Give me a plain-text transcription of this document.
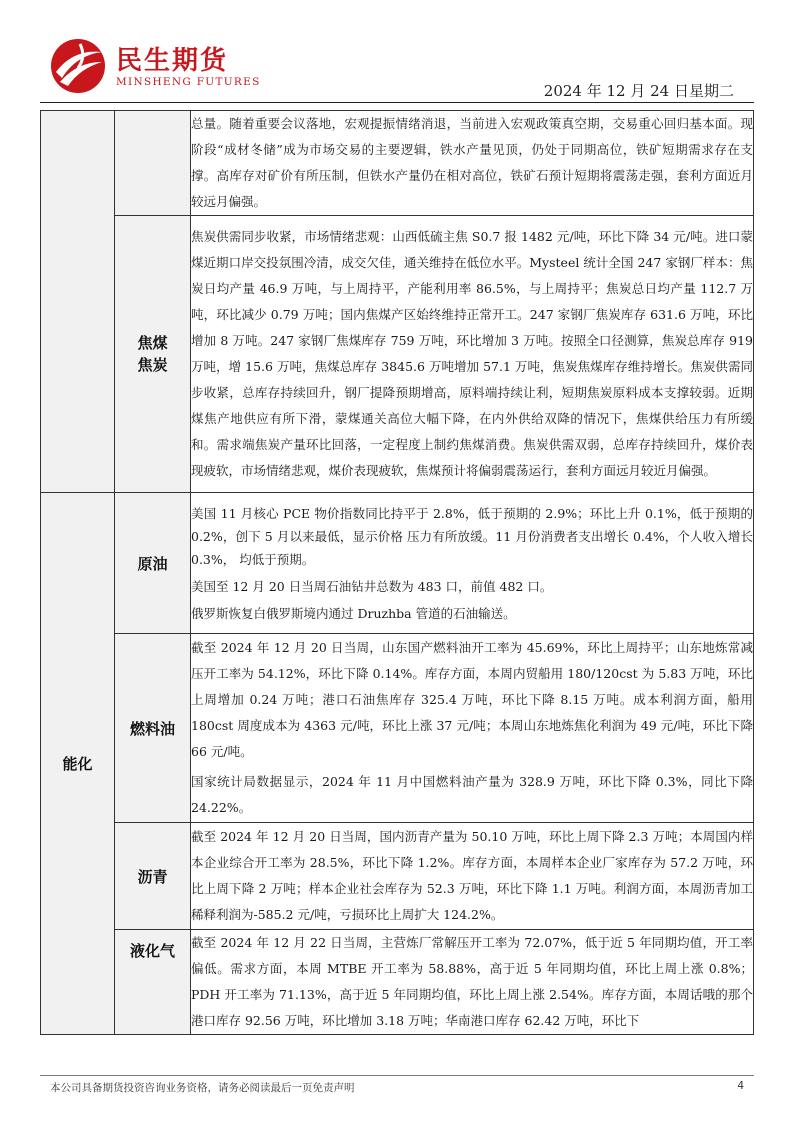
民生期货
MINSHENG FUTURES	2024 年 12 月 24 日星期二

		总量。随着重要会议落地，宏观提振情绪消退，当前进入宏观政策真空期，交易重心回归基本面。现阶段“成材冬储”成为市场交易的主要逻辑，铁水产量见顶，仍处于同期高位，铁矿短期需求存在支撑。高库存对矿价有所压制，但铁水产量仍在相对高位，铁矿石预计短期将震荡走强，套利方面近月较远月偏强。

	焦煤焦炭	焦炭供需同步收紧，市场情绪悲观：山西低硫主焦 S0.7 报 1482 元/吨，环比下降 34 元/吨。进口蒙煤近期口岸交投氛围冷清，成交欠佳，通关维持在低位水平。Mysteel 统计全国 247 家钢厂样本：焦炭日均产量 46.9 万吨，与上周持平，产能利用率 86.5%，与上周持平；焦炭总日均产量 112.7 万吨，环比减少 0.79 万吨；国内焦煤产区始终维持正常开工。247 家钢厂焦炭库存 631.6 万吨，环比增加 8 万吨。247 家钢厂焦煤库存 759 万吨，环比增加 3 万吨。按照全口径测算，焦炭总库存 919 万吨，增 15.6 万吨，焦煤总库存 3845.6 万吨增加 57.1 万吨，焦炭焦煤库存维持增长。焦炭供需同步收紧，总库存持续回升，钢厂提降预期增高，原料端持续让利，短期焦炭原料成本支撑较弱。近期煤焦产地供应有所下滑，蒙煤通关高位大幅下降，在内外供给双降的情况下，焦煤供给压力有所缓和。需求端焦炭产量环比回落，一定程度上制约焦煤消费。焦炭供需双弱，总库存持续回升，煤价表现疲软，市场情绪悲观，煤价表现疲软，焦煤预计将偏弱震荡运行，套利方面远月较近月偏强。

能化	原油	美国 11 月核心 PCE 物价指数同比持平于 2.8%，低于预期的 2.9%；环比上升 0.1%，低于预期的 0.2%，创下 5 月以来最低，显示价格 压力有所放缓。11 月份消费者支出增长 0.4%，个人收入增长 0.3%， 均低于预期。

美国至 12 月 20 日当周石油钻井总数为 483 口，前值 482 口。

俄罗斯恢复白俄罗斯境内通过 Druzhba 管道的石油输送。

	燃料油	截至 2024 年 12 月 20 日当周，山东国产燃料油开工率为 45.69%，环比上周持平；山东地炼常减压开工率为 54.12%，环比下降 0.14%。库存方面，本周内贸船用 180/120cst 为 5.83 万吨，环比上周增加 0.24 万吨；港口石油焦库存 325.4 万吨，环比下降 8.15 万吨。成本利润方面，船用 180cst 周度成本为 4363 元/吨，环比上涨 37 元/吨；本周山东地炼焦化利润为 49 元/吨，环比下降 66 元/吨。

国家统计局数据显示，2024 年 11 月中国燃料油产量为 328.9 万吨，环比下降 0.3%，同比下降 24.22%。

	沥青	截至 2024 年 12 月 20 日当周，国内沥青产量为 50.10 万吨，环比上周下降 2.3 万吨；本周国内样本企业综合开工率为 28.5%，环比下降 1.2%。库存方面，本周样本企业厂家库存为 57.2 万吨，环比上周下降 2 万吨；样本企业社会库存为 52.3 万吨，环比下降 1.1 万吨。利润方面，本周沥青加工稀释利润为-585.2 元/吨，亏损环比上周扩大 124.2%。

	液化气	截至 2024 年 12 月 22 日当周，主营炼厂常解压开工率为 72.07%，低于近 5 年同期均值，开工率偏低。需求方面，本周 MTBE 开工率为 58.88%，高于近 5 年同期均值，环比上周上涨 0.8%；PDH 开工率为 71.13%，高于近 5 年同期均值，环比上周上涨 2.54%。库存方面，本周话哦的那个港口库存 92.56 万吨，环比增加 3.18 万吨；华南港口库存 62.42 万吨，环比下

本公司具备期货投资咨询业务资格，请务必阅读最后一页免责声明	4
